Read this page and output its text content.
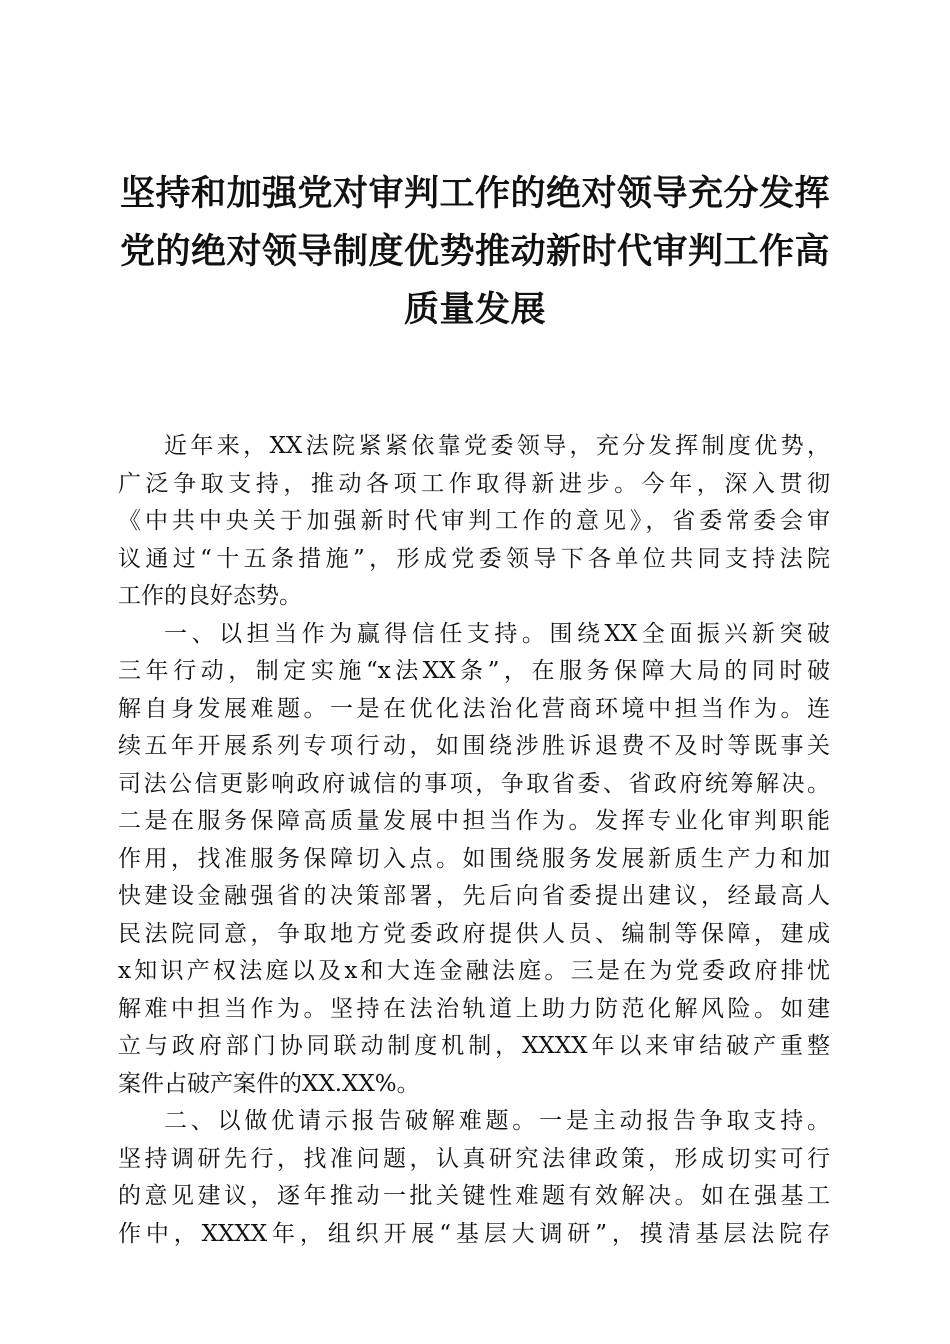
坚持和加强党对审判工作的绝对领导充分发挥
党的绝对领导制度优势推动新时代审判工作高
质量发展

近年来，XX法院紧紧依靠党委领导，充分发挥制度优势，
广泛争取支持，推动各项工作取得新进步。今年，深入贯彻
《中共中央关于加强新时代审判工作的意见》，省委常委会审
议通过“十五条措施”，形成党委领导下各单位共同支持法院
工作的良好态势。

一、以担当作为赢得信任支持。围绕XX全面振兴新突破
三年行动，制定实施“x法XX条”，在服务保障大局的同时破
解自身发展难题。一是在优化法治化营商环境中担当作为。连
续五年开展系列专项行动，如围绕涉胜诉退费不及时等既事关
司法公信更影响政府诚信的事项，争取省委、省政府统筹解决。
二是在服务保障高质量发展中担当作为。发挥专业化审判职能
作用，找准服务保障切入点。如围绕服务发展新质生产力和加
快建设金融强省的决策部署，先后向省委提出建议，经最高人
民法院同意，争取地方党委政府提供人员、编制等保障，建成
x知识产权法庭以及x和大连金融法庭。三是在为党委政府排忧
解难中担当作为。坚持在法治轨道上助力防范化解风险。如建
立与政府部门协同联动制度机制，XXXX年以来审结破产重整
案件占破产案件的XX.XX%。

二、以做优请示报告破解难题。一是主动报告争取支持。
坚持调研先行，找准问题，认真研究法律政策，形成切实可行
的意见建议，逐年推动一批关键性难题有效解决。如在强基工
作中，XXXX年，组织开展“基层大调研”，摸清基层法院存
